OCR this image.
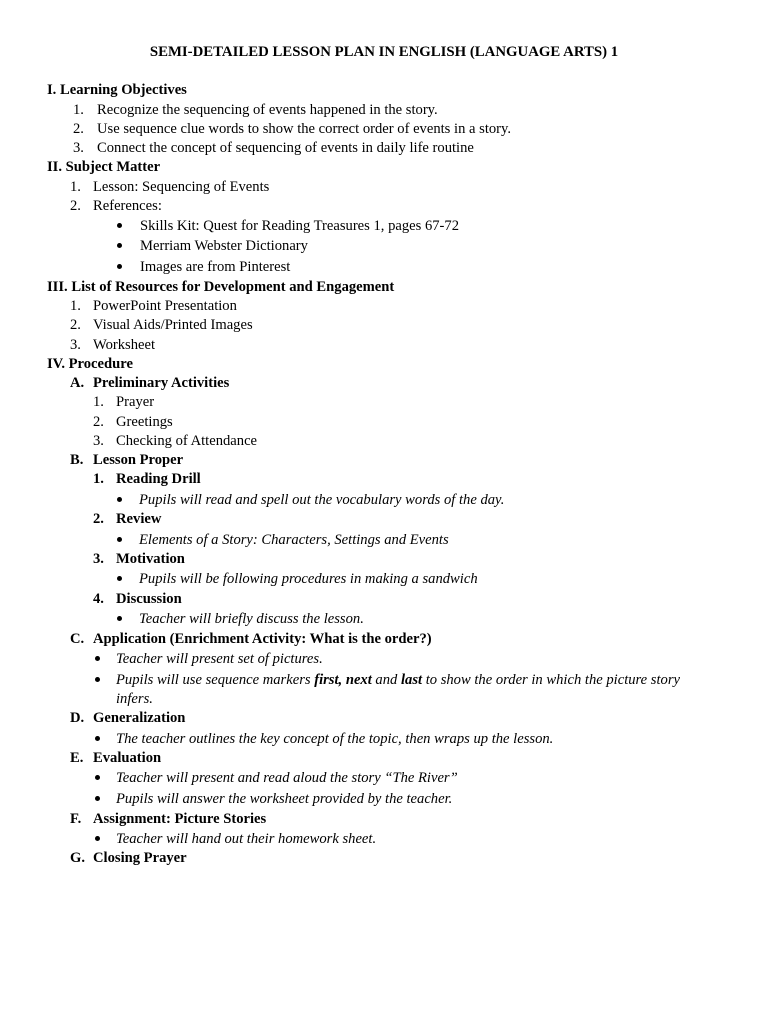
SEMI-DETAILED LESSON PLAN IN ENGLISH (LANGUAGE ARTS) 1
I. Learning Objectives
1. Recognize the sequencing of events happened in the story.
2. Use sequence clue words to show the correct order of events in a story.
3. Connect the concept of sequencing of events in daily life routine
II. Subject Matter
1. Lesson: Sequencing of Events
2. References:
Skills Kit: Quest for Reading Treasures 1, pages 67-72
Merriam Webster Dictionary
Images are from Pinterest
III. List of Resources for Development and Engagement
1. PowerPoint Presentation
2. Visual Aids/Printed Images
3. Worksheet
IV. Procedure
A. Preliminary Activities
1. Prayer
2. Greetings
3. Checking of Attendance
B. Lesson Proper
1. Reading Drill
Pupils will read and spell out the vocabulary words of the day.
2. Review
Elements of a Story: Characters, Settings and Events
3. Motivation
Pupils will be following procedures in making a sandwich
4. Discussion
Teacher will briefly discuss the lesson.
C. Application (Enrichment Activity: What is the order?)
Teacher will present set of pictures.
Pupils will use sequence markers first, next and last to show the order in which the picture story
infers.
D. Generalization
The teacher outlines the key concept of the topic, then wraps up the lesson.
E. Evaluation
Teacher will present and read aloud the story “The River”
Pupils will answer the worksheet provided by the teacher.
F. Assignment: Picture Stories
Teacher will hand out their homework sheet.
G. Closing Prayer
